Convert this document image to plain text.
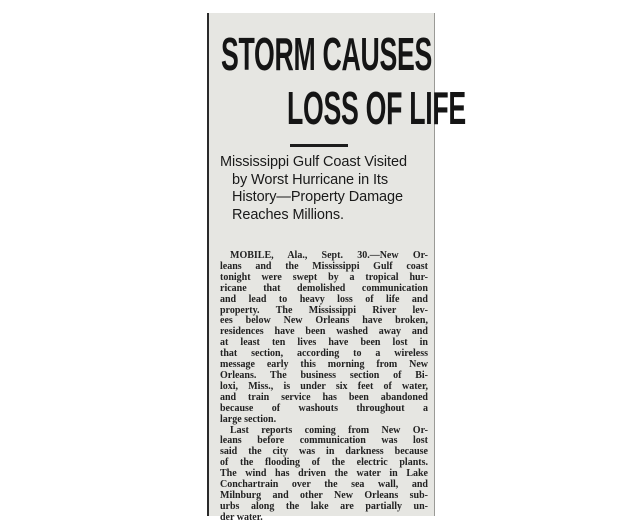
STORM CAUSES
LOSS OF LIFE
Mississippi Gulf Coast Visited
by Worst Hurricane in Its
History—Property Damage
Reaches Millions.
MOBILE, Ala., Sept. 30.—New Or-
leans and the Mississippi Gulf coast
tonight were swept by a tropical hur-
ricane that demolished communication
and lead to heavy loss of life and
property. The Mississippi River lev-
ees below New Orleans have broken,
residences have been washed away and
at least ten lives have been lost in
that section, according to a wireless
message early this morning from New
Orleans. The business section of Bi-
loxi, Miss., is under six feet of water,
and train service has been abandoned
because of washouts throughout a
large section.
Last reports coming from New Or-
leans before communication was lost
said the city was in darkness because
of the flooding of the electric plants.
The wind has driven the water in Lake
Conchartrain over the sea wall, and
Milnburg and other New Orleans sub-
urbs along the lake are partially un-
der water.
